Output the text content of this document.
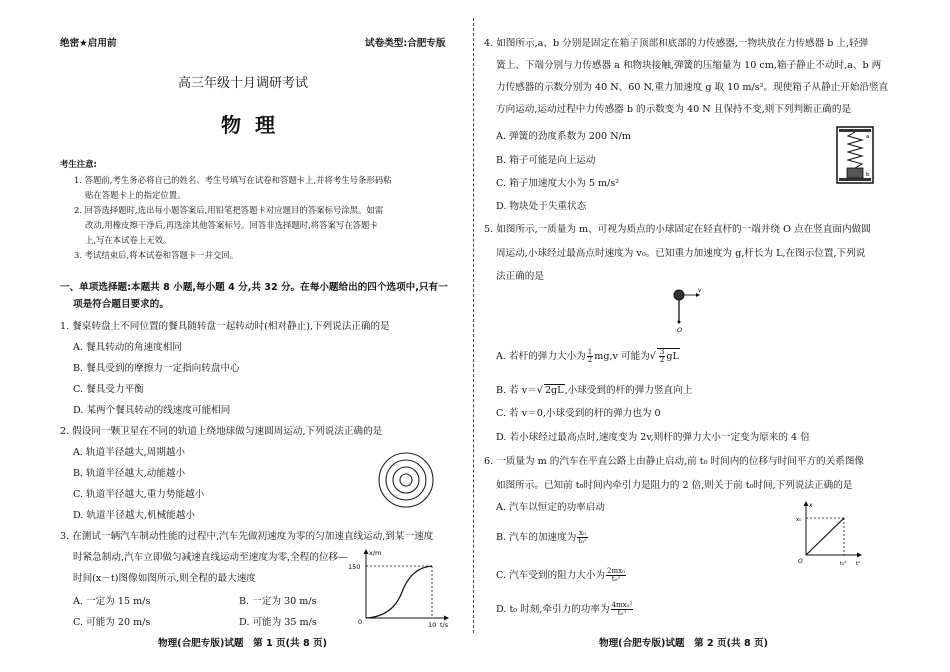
绝密★启用前	试卷类型:合肥专版
高三年级十月调研考试
物理
考生注意:
1. 答题前,考生务必将自己的姓名、考生号填写在试卷和答题卡上,并将考生号条形码粘
贴在答题卡上的指定位置。
2. 回答选择题时,选出每小题答案后,用铅笔把答题卡对应题目的答案标号涂黑。如需
改动,用橡皮擦干净后,再选涂其他答案标号。回答非选择题时,将答案写在答题卡
上,写在本试卷上无效。
3. 考试结束后,将本试卷和答题卡一并交回。
一、单项选择题:本题共 8 小题,每小题 4 分,共 32 分。在每小题给出的四个选项中,只有一
项是符合题目要求的。
1. 餐桌转盘上不同位置的餐具随转盘一起转动时(相对静止),下列说法正确的是
A. 餐具转动的角速度相同
B. 餐具受到的摩擦力一定指向转盘中心
C. 餐具受力平衡
D. 某两个餐具转动的线速度可能相同
2. 假设同一颗卫星在不同的轨道上绕地球做匀速圆周运动,下列说法正确的是
A. 轨道半径越大,周期越小
B. 轨道半径越大,动能越小
C. 轨道半径越大,重力势能越小
D. 轨道半径越大,机械能越小
3. 在测试一辆汽车制动性能的过程中,汽车先做初速度为零的匀加速直线运动,到某一速度
时紧急制动,汽车立即做匀减速直线运动至速度为零,全程的位移—
时间(x－t)图像如图所示,则全程的最大速度
A. 一定为 15 m/s	B. 一定为 30 m/s
C. 可能为 20 m/s	D. 可能为 35 m/s
x/m
150
0	10 t/s
物理(合肥专版)试题　第 1 页(共 8 页)
4. 如图所示,a、b 分别是固定在箱子顶部和底部的力传感器,一物块放在力传感器 b 上,轻弹
簧上、下端分别与力传感器 a 和物块接触,弹簧的压缩量为 10 cm,箱子静止不动时,a、b 两
力传感器的示数分别为 40 N、60 N,重力加速度 g 取 10 m/s²。现使箱子从静止开始沿竖直
方向运动,运动过程中力传感器 b 的示数变为 40 N 且保持不变,则下列判断正确的是
A. 弹簧的劲度系数为 200 N/m
B. 箱子可能是向上运动
C. 箱子加速度大小为 5 m/s²
D. 物块处于失重状态
a
b
5. 如图所示,一质量为 m、可视为质点的小球固定在轻直杆的一端并绕 O 点在竖直面内做圆
周运动,小球经过最高点时速度为 v₀。已知重力加速度为 g,杆长为 L,在图示位置,下列说
法正确的是
v
O
A. 若杆的弹力大小为 $\frac{1}{2} mg,v$ 可能为√ $\frac{3}{2}$ gL
B. 若 v＝√ 2gL,小球受到的杆的弹力竖直向上
C. 若 v＝0,小球受到的杆的弹力也为 0
D. 若小球经过最高点时,速度变为 2v,则杆的弹力大小一定变为原来的 4 倍
6. 一质量为 m 的汽车在平直公路上由静止启动,前 t₀ 时间内的位移与时间平方的关系图像
如图所示。已知前 t₀时间内牵引力是阻力的 2 倍,则关于前 t₀时间,下列说法正确的是
A. 汽车以恒定的功率启动
B. 汽车的加速度为 $\frac{\text{x₀}}{\text{t₀²}}$
C. 汽车受到的阻力大小为 $\frac{\text{2mx₀}}{\text{t₀²}}$
D. t₀ 时刻,牵引力的功率为 $\frac{\text{4mx₀²}}{\text{t₀³}}$
x
x₀
O	t₀² t²
物理(合肥专版)试题　第 2 页(共 8 页)
